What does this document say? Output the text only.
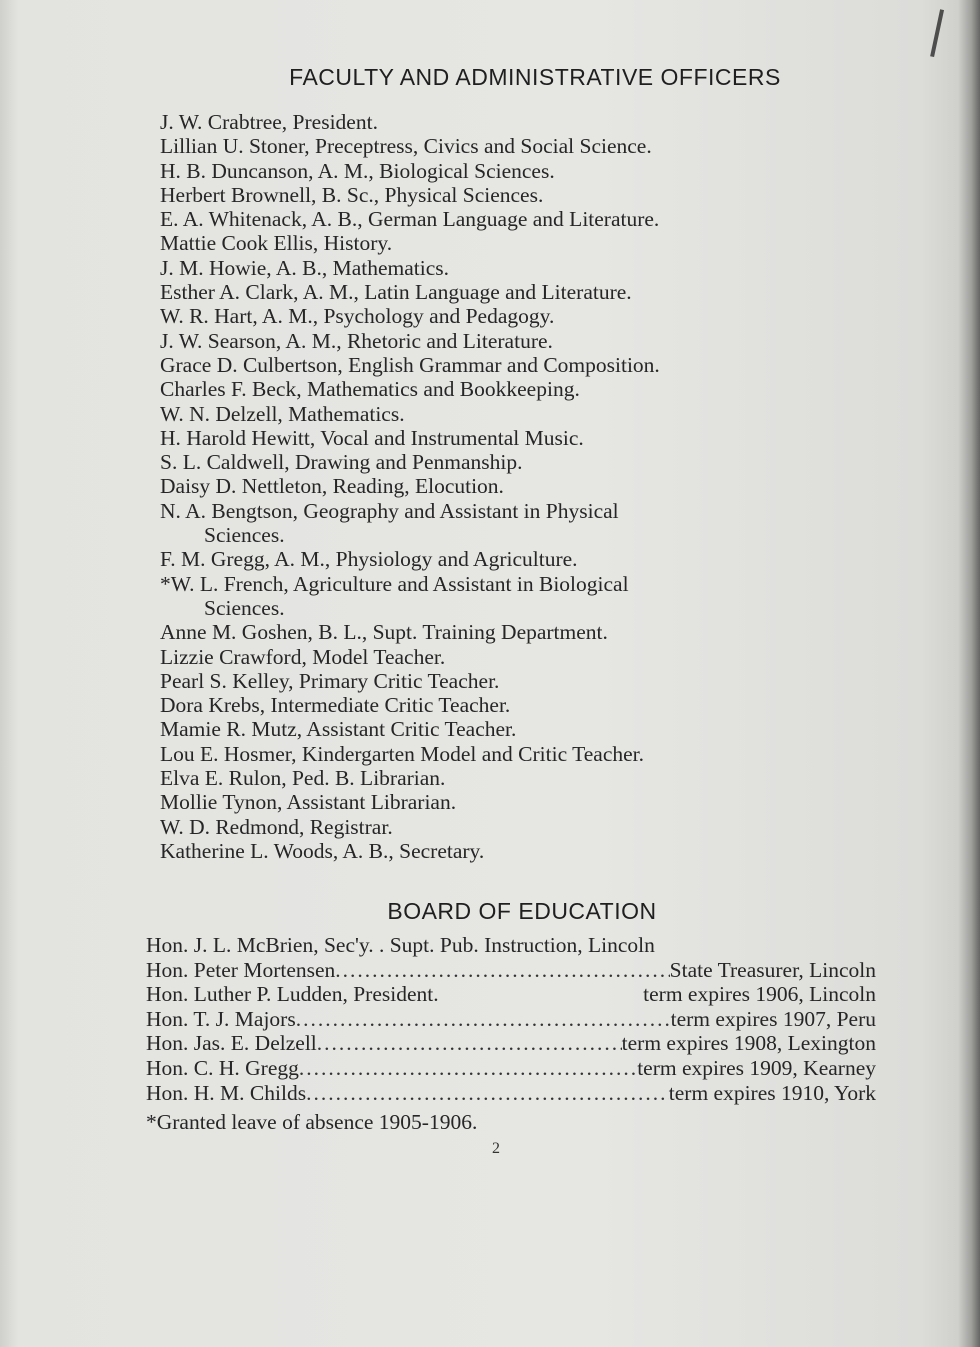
FACULTY AND ADMINISTRATIVE OFFICERS
J. W. Crabtree, President.
Lillian U. Stoner, Preceptress, Civics and Social Science.
H. B. Duncanson, A. M., Biological Sciences.
Herbert Brownell, B. Sc., Physical Sciences.
E. A. Whitenack, A. B., German Language and Literature.
Mattie Cook Ellis, History.
J. M. Howie, A. B., Mathematics.
Esther A. Clark, A. M., Latin Language and Literature.
W. R. Hart, A. M., Psychology and Pedagogy.
J. W. Searson, A. M., Rhetoric and Literature.
Grace D. Culbertson, English Grammar and Composition.
Charles F. Beck, Mathematics and Bookkeeping.
W. N. Delzell, Mathematics.
H. Harold Hewitt, Vocal and Instrumental Music.
S. L. Caldwell, Drawing and Penmanship.
Daisy D. Nettleton, Reading, Elocution.
N. A. Bengtson, Geography and Assistant in Physical
Sciences.
F. M. Gregg, A. M., Physiology and Agriculture.
*W. L. French, Agriculture and Assistant in Biological
Sciences.
Anne M. Goshen, B. L., Supt. Training Department.
Lizzie Crawford, Model Teacher.
Pearl S. Kelley, Primary Critic Teacher.
Dora Krebs, Intermediate Critic Teacher.
Mamie R. Mutz, Assistant Critic Teacher.
Lou E. Hosmer, Kindergarten Model and Critic Teacher.
Elva E. Rulon, Ped. B. Librarian.
Mollie Tynon, Assistant Librarian.
W. D. Redmond, Registrar.
Katherine L. Woods, A. B., Secretary.
BOARD OF EDUCATION
Hon. J. L. McBrien, Sec'y. . Supt. Pub. Instruction, Lincoln
Hon. Peter Mortensen .....	State Treasurer, Lincoln
Hon. Luther P. Ludden, President.	term expires 1906, Lincoln
Hon. T. J. Majors .....	term expires 1907, Peru
Hon. Jas. E. Delzell .....	term expires 1908, Lexington
Hon. C. H. Gregg .....	term expires 1909, Kearney
Hon. H. M. Childs .....	term expires 1910, York
*Granted leave of absence 1905-1906.
2
